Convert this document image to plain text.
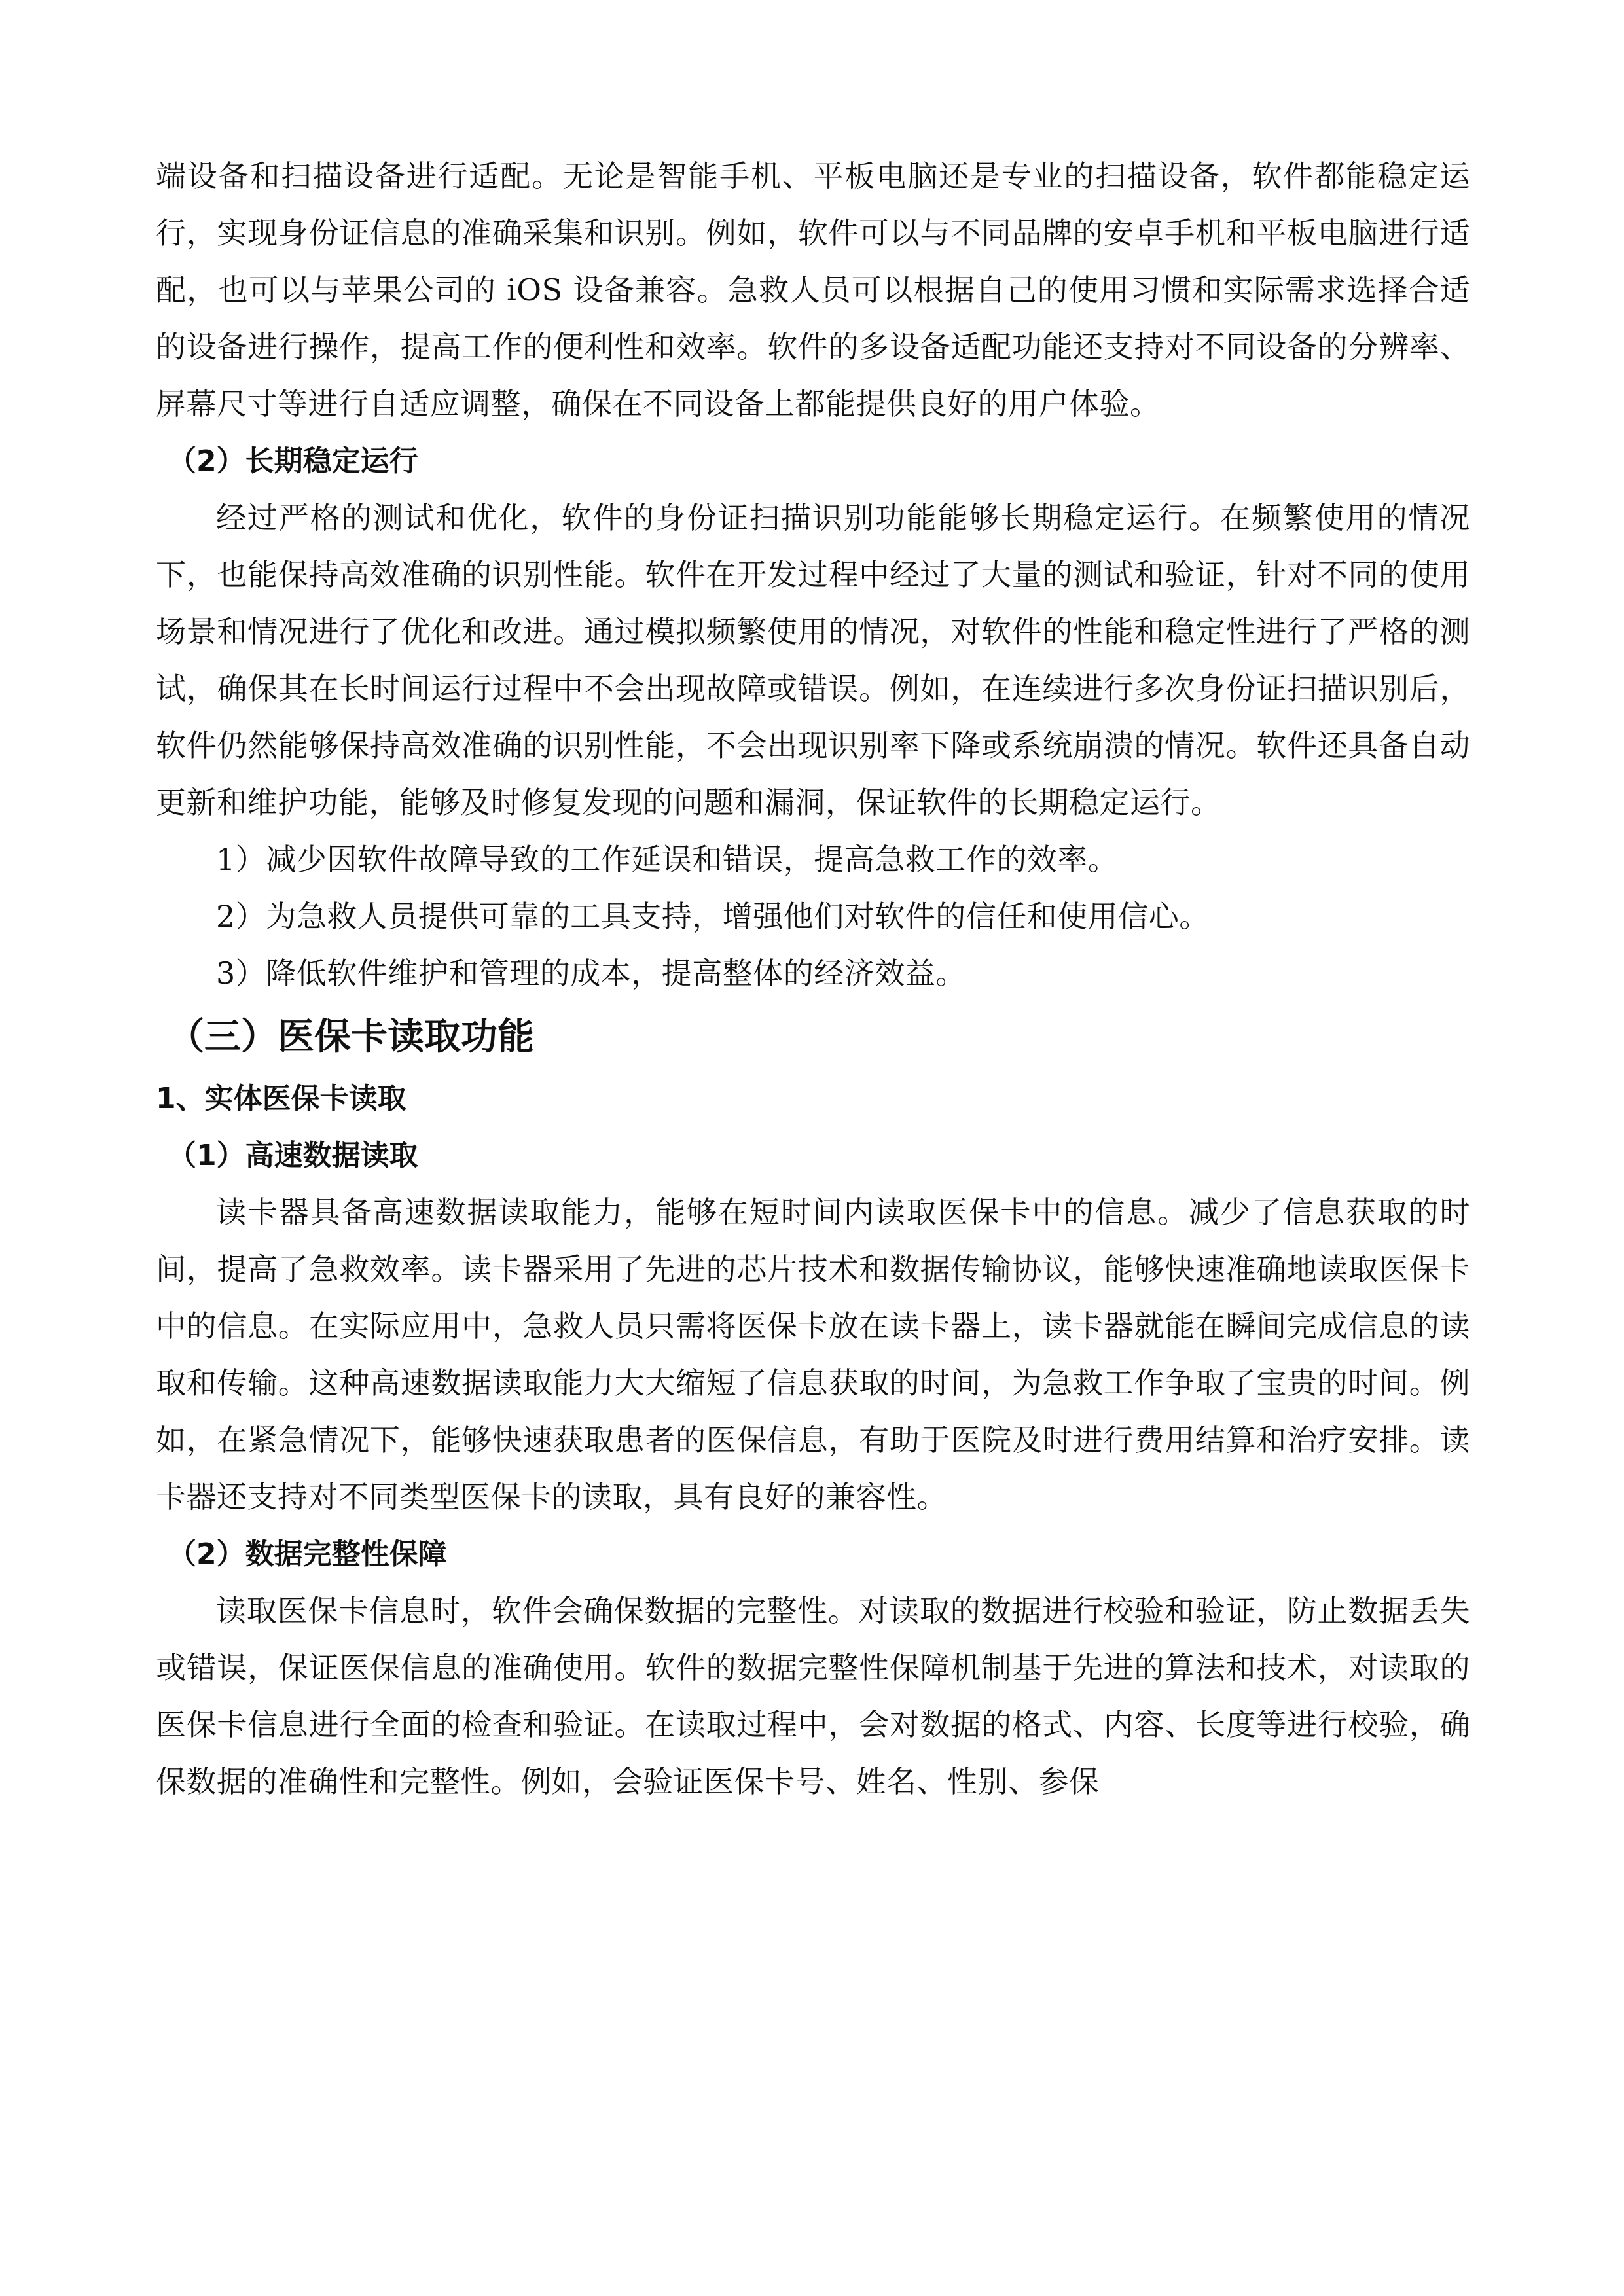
端设备和扫描设备进行适配。无论是智能手机、平板电脑还是专业的扫描设备，软件都能稳定运行，实现身份证信息的准确采集和识别。例如，软件可以与不同品牌的安卓手机和平板电脑进行适配，也可以与苹果公司的 iOS 设备兼容。急救人员可以根据自己的使用习惯和实际需求选择合适的设备进行操作，提高工作的便利性和效率。软件的多设备适配功能还支持对不同设备的分辨率、屏幕尺寸等进行自适应调整，确保在不同设备上都能提供良好的用户体验。

（2）长期稳定运行

经过严格的测试和优化，软件的身份证扫描识别功能能够长期稳定运行。在频繁使用的情况下，也能保持高效准确的识别性能。软件在开发过程中经过了大量的测试和验证，针对不同的使用场景和情况进行了优化和改进。通过模拟频繁使用的情况，对软件的性能和稳定性进行了严格的测试，确保其在长时间运行过程中不会出现故障或错误。例如，在连续进行多次身份证扫描识别后，软件仍然能够保持高效准确的识别性能，不会出现识别率下降或系统崩溃的情况。软件还具备自动更新和维护功能，能够及时修复发现的问题和漏洞，保证软件的长期稳定运行。

1）减少因软件故障导致的工作延误和错误，提高急救工作的效率。

2）为急救人员提供可靠的工具支持，增强他们对软件的信任和使用信心。

3）降低软件维护和管理的成本，提高整体的经济效益。

（三）医保卡读取功能

1、实体医保卡读取

（1）高速数据读取

读卡器具备高速数据读取能力，能够在短时间内读取医保卡中的信息。减少了信息获取的时间，提高了急救效率。读卡器采用了先进的芯片技术和数据传输协议，能够快速准确地读取医保卡中的信息。在实际应用中，急救人员只需将医保卡放在读卡器上，读卡器就能在瞬间完成信息的读取和传输。这种高速数据读取能力大大缩短了信息获取的时间，为急救工作争取了宝贵的时间。例如，在紧急情况下，能够快速获取患者的医保信息，有助于医院及时进行费用结算和治疗安排。读卡器还支持对不同类型医保卡的读取，具有良好的兼容性。

（2）数据完整性保障

读取医保卡信息时，软件会确保数据的完整性。对读取的数据进行校验和验证，防止数据丢失或错误，保证医保信息的准确使用。软件的数据完整性保障机制基于先进的算法和技术，对读取的医保卡信息进行全面的检查和验证。在读取过程中，会对数据的格式、内容、长度等进行校验，确保数据的准确性和完整性。例如，会验证医保卡号、姓名、性别、参保
